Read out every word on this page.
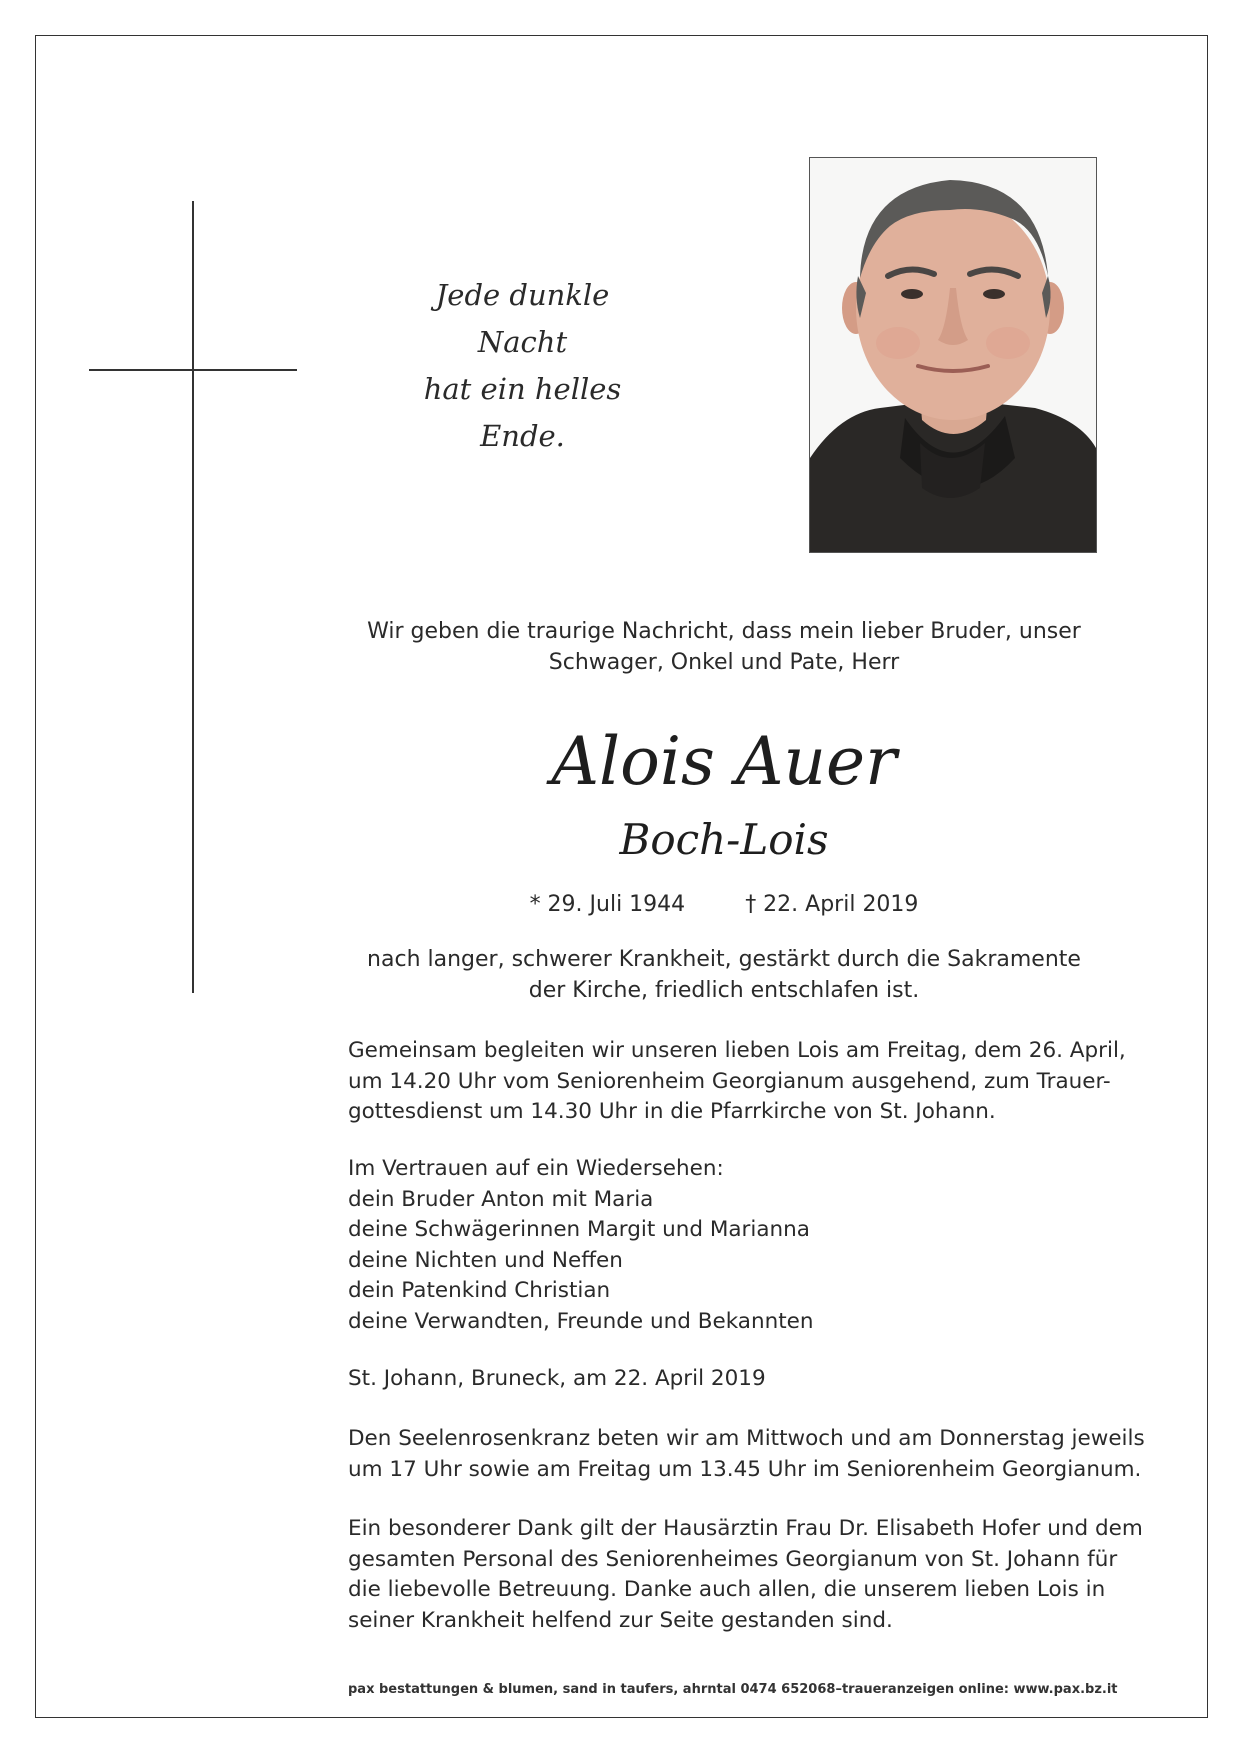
Jede dunkle
Nacht
hat ein helles
Ende.
Wir geben die traurige Nachricht, dass mein lieber Bruder, unser
Schwager, Onkel und Pate, Herr
Alois Auer
Boch-Lois
* 29. Juli 1944	† 22. April 2019
nach langer, schwerer Krankheit, gestärkt durch die Sakramente
der Kirche, friedlich entschlafen ist.
Gemeinsam begleiten wir unseren lieben Lois am Freitag, dem 26. April,
um 14.20 Uhr vom Seniorenheim Georgianum ausgehend, zum Trauer-
gottesdienst um 14.30 Uhr in die Pfarrkirche von St. Johann.
Im Vertrauen auf ein Wiedersehen:
dein Bruder Anton mit Maria
deine Schwägerinnen Margit und Marianna
deine Nichten und Neffen
dein Patenkind Christian
deine Verwandten, Freunde und Bekannten
St. Johann, Bruneck, am 22. April 2019
Den Seelenrosenkranz beten wir am Mittwoch und am Donnerstag jeweils
um 17 Uhr sowie am Freitag um 13.45 Uhr im Seniorenheim Georgianum.
Ein besonderer Dank gilt der Hausärztin Frau Dr. Elisabeth Hofer und dem
gesamten Personal des Seniorenheimes Georgianum von St. Johann für
die liebevolle Betreuung. Danke auch allen, die unserem lieben Lois in
seiner Krankheit helfend zur Seite gestanden sind.
pax bestattungen & blumen, sand in taufers, ahrntal 0474 652068–traueranzeigen online: www.pax.bz.it
